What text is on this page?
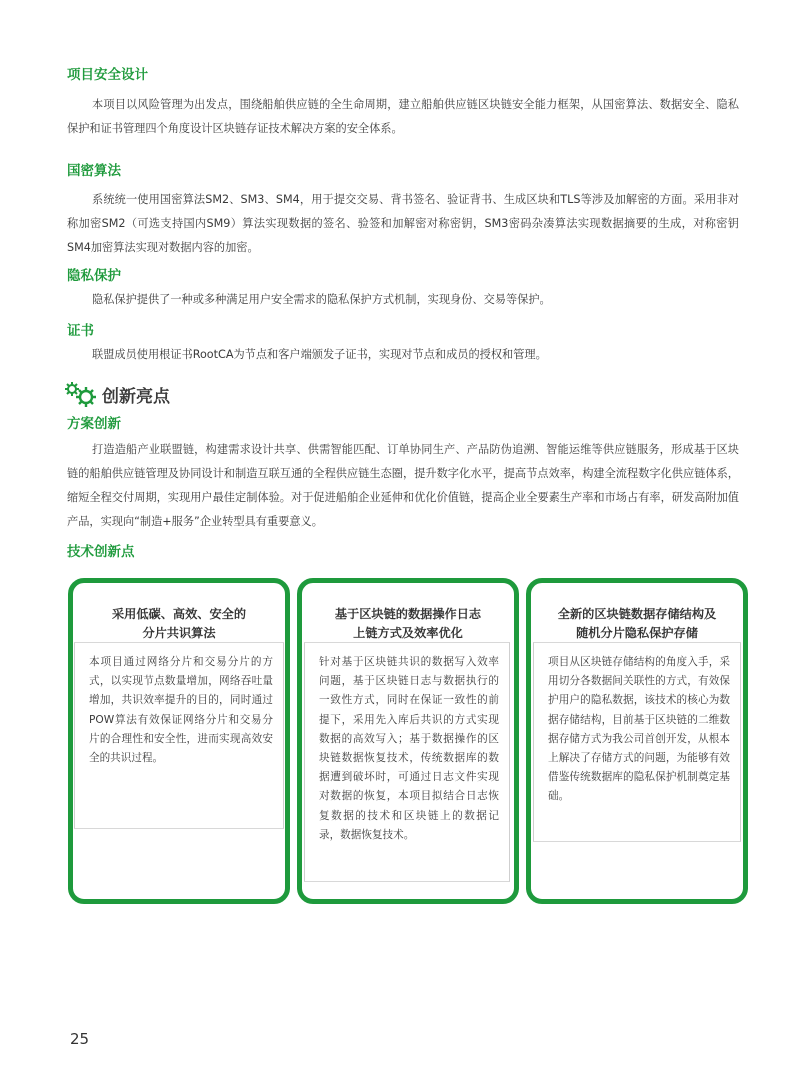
项目安全设计

本项目以风险管理为出发点，围绕船舶供应链的全生命周期，建立船舶供应链区块链安全能力框架，从国密算法、数据安全、隐私保护和证书管理四个角度设计区块链存证技术解决方案的安全体系。

国密算法

系统统一使用国密算法SM2、SM3、SM4，用于提交交易、背书签名、验证背书、生成区块和TLS等涉及加解密的方面。采用非对称加密SM2（可选支持国内SM9）算法实现数据的签名、验签和加解密对称密钥，SM3密码杂凑算法实现数据摘要的生成，对称密钥SM4加密算法实现对数据内容的加密。

隐私保护

隐私保护提供了一种或多种满足用户安全需求的隐私保护方式机制，实现身份、交易等保护。

证书

联盟成员使用根证书RootCA为节点和客户端颁发子证书，实现对节点和成员的授权和管理。

创新亮点
方案创新

打造造船产业联盟链，构建需求设计共享、供需智能匹配、订单协同生产、产品防伪追溯、智能运维等供应链服务，形成基于区块链的船舶供应链管理及协同设计和制造互联互通的全程供应链生态圈，提升数字化水平，提高节点效率，构建全流程数字化供应链体系，缩短全程交付周期，实现用户最佳定制体验。对于促进船舶企业延伸和优化价值链，提高企业全要素生产率和市场占有率，研发高附加值产品，实现向“制造+服务”企业转型具有重要意义。

技术创新点

采用低碳、高效、安全的
分片共识算法

本项目通过网络分片和交易分片的方式，以实现节点数量增加，网络吞吐量增加，共识效率提升的目的，同时通过POW算法有效保证网络分片和交易分片的合理性和安全性，进而实现高效安全的共识过程。

基于区块链的数据操作日志
上链方式及效率优化

针对基于区块链共识的数据写入效率问题，基于区块链日志与数据执行的一致性方式，同时在保证一致性的前提下，采用先入库后共识的方式实现数据的高效写入；基于数据操作的区块链数据恢复技术，传统数据库的数据遭到破坏时，可通过日志文件实现对数据的恢复，本项目拟结合日志恢复数据的技术和区块链上的数据记录，数据恢复技术。

全新的区块链数据存储结构及
随机分片隐私保护存储

项目从区块链存储结构的角度入手，采用切分各数据间关联性的方式，有效保护用户的隐私数据，该技术的核心为数据存储结构，目前基于区块链的二维数据存储方式为我公司首创开发，从根本上解决了存储方式的问题，为能够有效借鉴传统数据库的隐私保护机制奠定基础。

25
